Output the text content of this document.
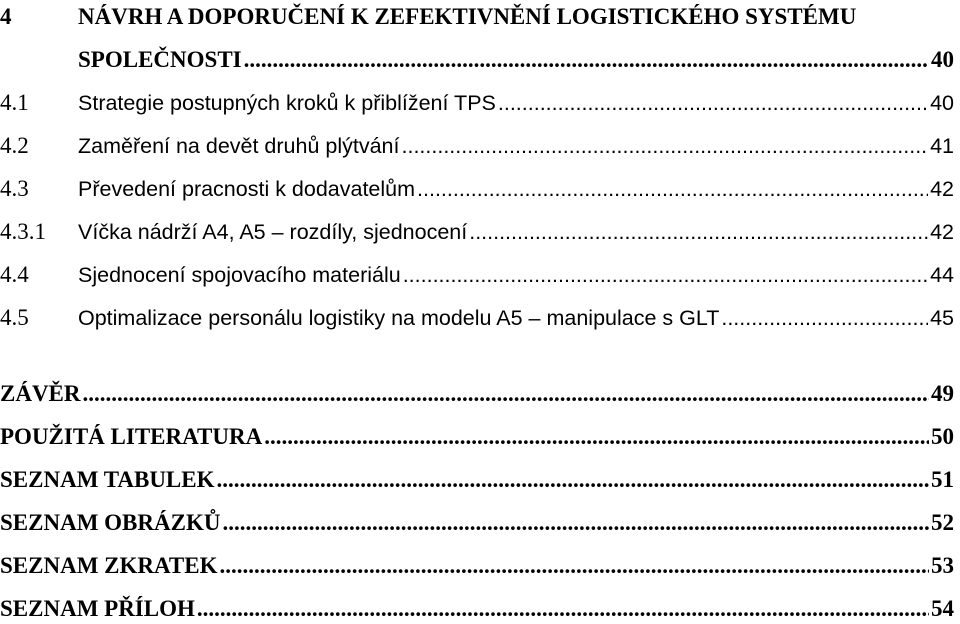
4	NÁVRH A DOPORUČENÍ K ZEFEKTIVNĚNÍ LOGISTICKÉHO SYSTÉMU
SPOLEČNOSTI .....	40
4.1	Strategie postupných kroků k přiblížení TPS .....	40
4.2	Zaměření na devět druhů plýtvání .....	41
4.3	Převedení pracnosti k dodavatelům .....	42
4.3.1	Víčka nádrží A4, A5 – rozdíly, sjednocení .....	42
4.4	Sjednocení spojovacího materiálu .....	44
4.5	Optimalizace personálu logistiky na modelu A5 – manipulace s GLT .....	45
ZÁVĚR .....	49
POUŽITÁ LITERATURA .....	50
SEZNAM TABULEK .....	51
SEZNAM OBRÁZKŮ .....	52
SEZNAM ZKRATEK .....	53
SEZNAM PŘÍLOH .....	54
